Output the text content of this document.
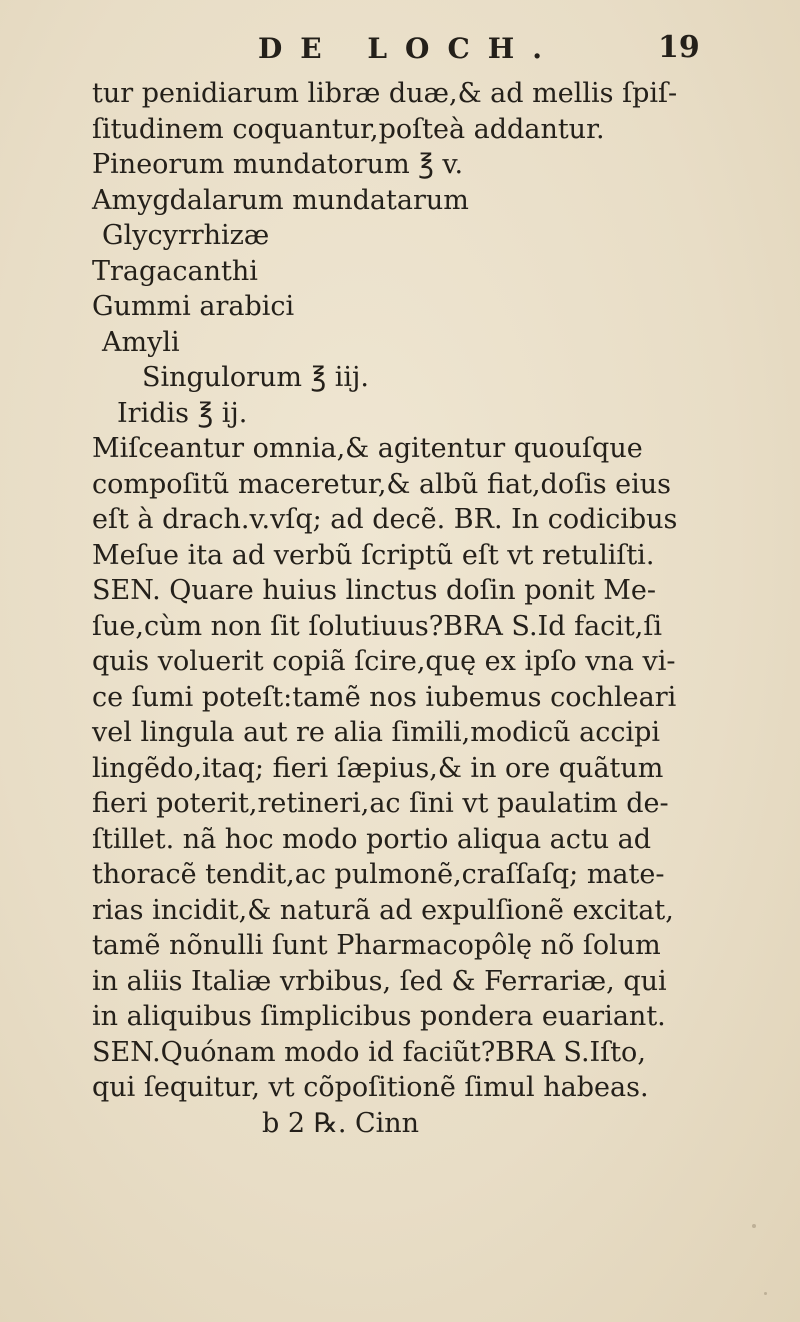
DE LOCH.	19
tur penidiarum libræ duæ,& ad mellis ſpiſ-
ſitudinem coquantur,poſteà addantur.
Pineorum mundatorum ℥ v.
Amygdalarum mundatarum
Glycyrrhizæ
Tragacanthi
Gummi arabici
Amyli
Singulorum ℥ iij.
Iridis ℥ ij.
Miſceantur omnia,& agitentur quouſque
compoſitũ maceretur,& albũ fiat,doſis eius
eſt à drach.v.vſq; ad decẽ. BR. In codicibus
Meſue ita ad verbũ ſcriptũ eſt vt retuliſti.
SEN. Quare huius linctus doſin ponit Me-
ſue,cùm non ſit ſolutiuus?BRA S.Id facit,ſi
quis voluerit copiã ſcire,quę ex ipſo vna vi-
ce ſumi poteſt:tamẽ nos iubemus cochleari
vel lingula aut re alia ſimili,modicũ accipi
lingẽdo,itaq; fieri ſæpius,& in ore quãtum
fieri poterit,retineri,ac ſini vt paulatim de-
ſtillet. nã hoc modo portio aliqua actu ad
thoracẽ tendit,ac pulmonẽ,craſſaſq; mate-
rias incidit,& naturã ad expulſionẽ excitat,
tamẽ nõnulli ſunt Pharmacopôlę nõ ſolum
in aliis Italiæ vrbibus, ſed & Ferrariæ, qui
in aliquibus ſimplicibus pondera euariant.
SEN.Quónam modo id faciũt?BRA S.Iſto,
qui ſequitur, vt cõpoſitionẽ ſimul habeas.
b 2 ℞. Cinn
